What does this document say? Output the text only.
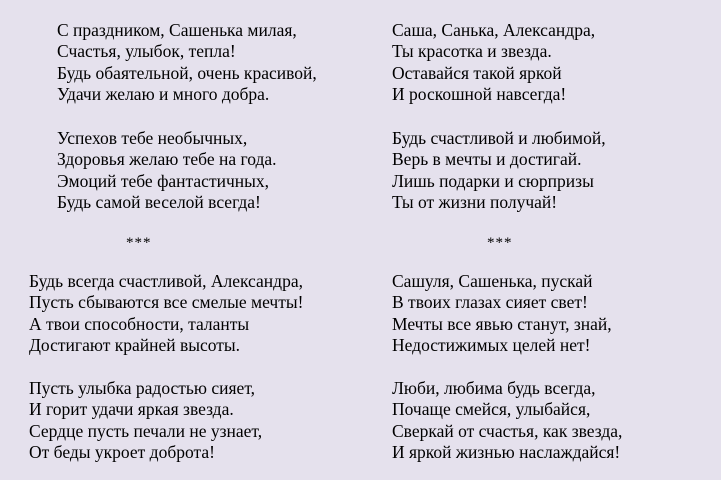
С праздником, Сашенька милая,
Счастья, улыбок, тепла!
Будь обаятельной, очень красивой,
Удачи желаю и много добра.
Успехов тебе необычных,
Здоровья желаю тебе на года.
Эмоций тебе фантастичных,
Будь самой веселой всегда!
Саша, Санька, Александра,
Ты красотка и звезда.
Оставайся такой яркой
И роскошной навсегда!
Будь счастливой и любимой,
Верь в мечты и достигай.
Лишь подарки и сюрпризы
Ты от жизни получай!
***	***
Будь всегда счастливой, Александра,
Пусть сбываются все смелые мечты!
А твои способности, таланты
Достигают крайней высоты.
Пусть улыбка радостью сияет,
И горит удачи яркая звезда.
Сердце пусть печали не узнает,
От беды укроет доброта!
Сашуля, Сашенька, пускай
В твоих глазах сияет свет!
Мечты все явью станут, знай,
Недостижимых целей нет!
Люби, любима будь всегда,
Почаще смейся, улыбайся,
Сверкай от счастья, как звезда,
И яркой жизнью наслаждайся!
